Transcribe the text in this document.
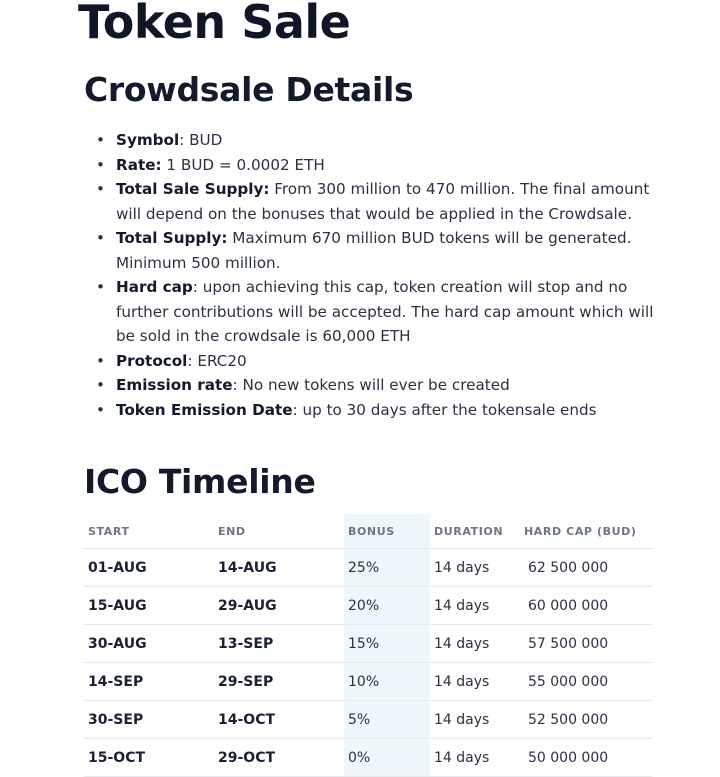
Token Sale
Crowdsale Details
• Symbol: BUD
• Rate: 1 BUD = 0.0002 ETH
• Total Sale Supply: From 300 million to 470 million. The final amount will depend on the bonuses that would be applied in the Crowdsale.
• Total Supply: Maximum 670 million BUD tokens will be generated. Minimum 500 million.
• Hard cap: upon achieving this cap, token creation will stop and no further contributions will be accepted. The hard cap amount which will be sold in the crowdsale is 60,000 ETH
• Protocol: ERC20
• Emission rate: No new tokens will ever be created
• Token Emission Date: up to 30 days after the tokensale ends
ICO Timeline
START	END	BONUS	DURATION	HARD CAP (BUD)
01-AUG	14-AUG	25%	14 days	62 500 000
15-AUG	29-AUG	20%	14 days	60 000 000
30-AUG	13-SEP	15%	14 days	57 500 000
14-SEP	29-SEP	10%	14 days	55 000 000
30-SEP	14-OCT	5%	14 days	52 500 000
15-OCT	29-OCT	0%	14 days	50 000 000
